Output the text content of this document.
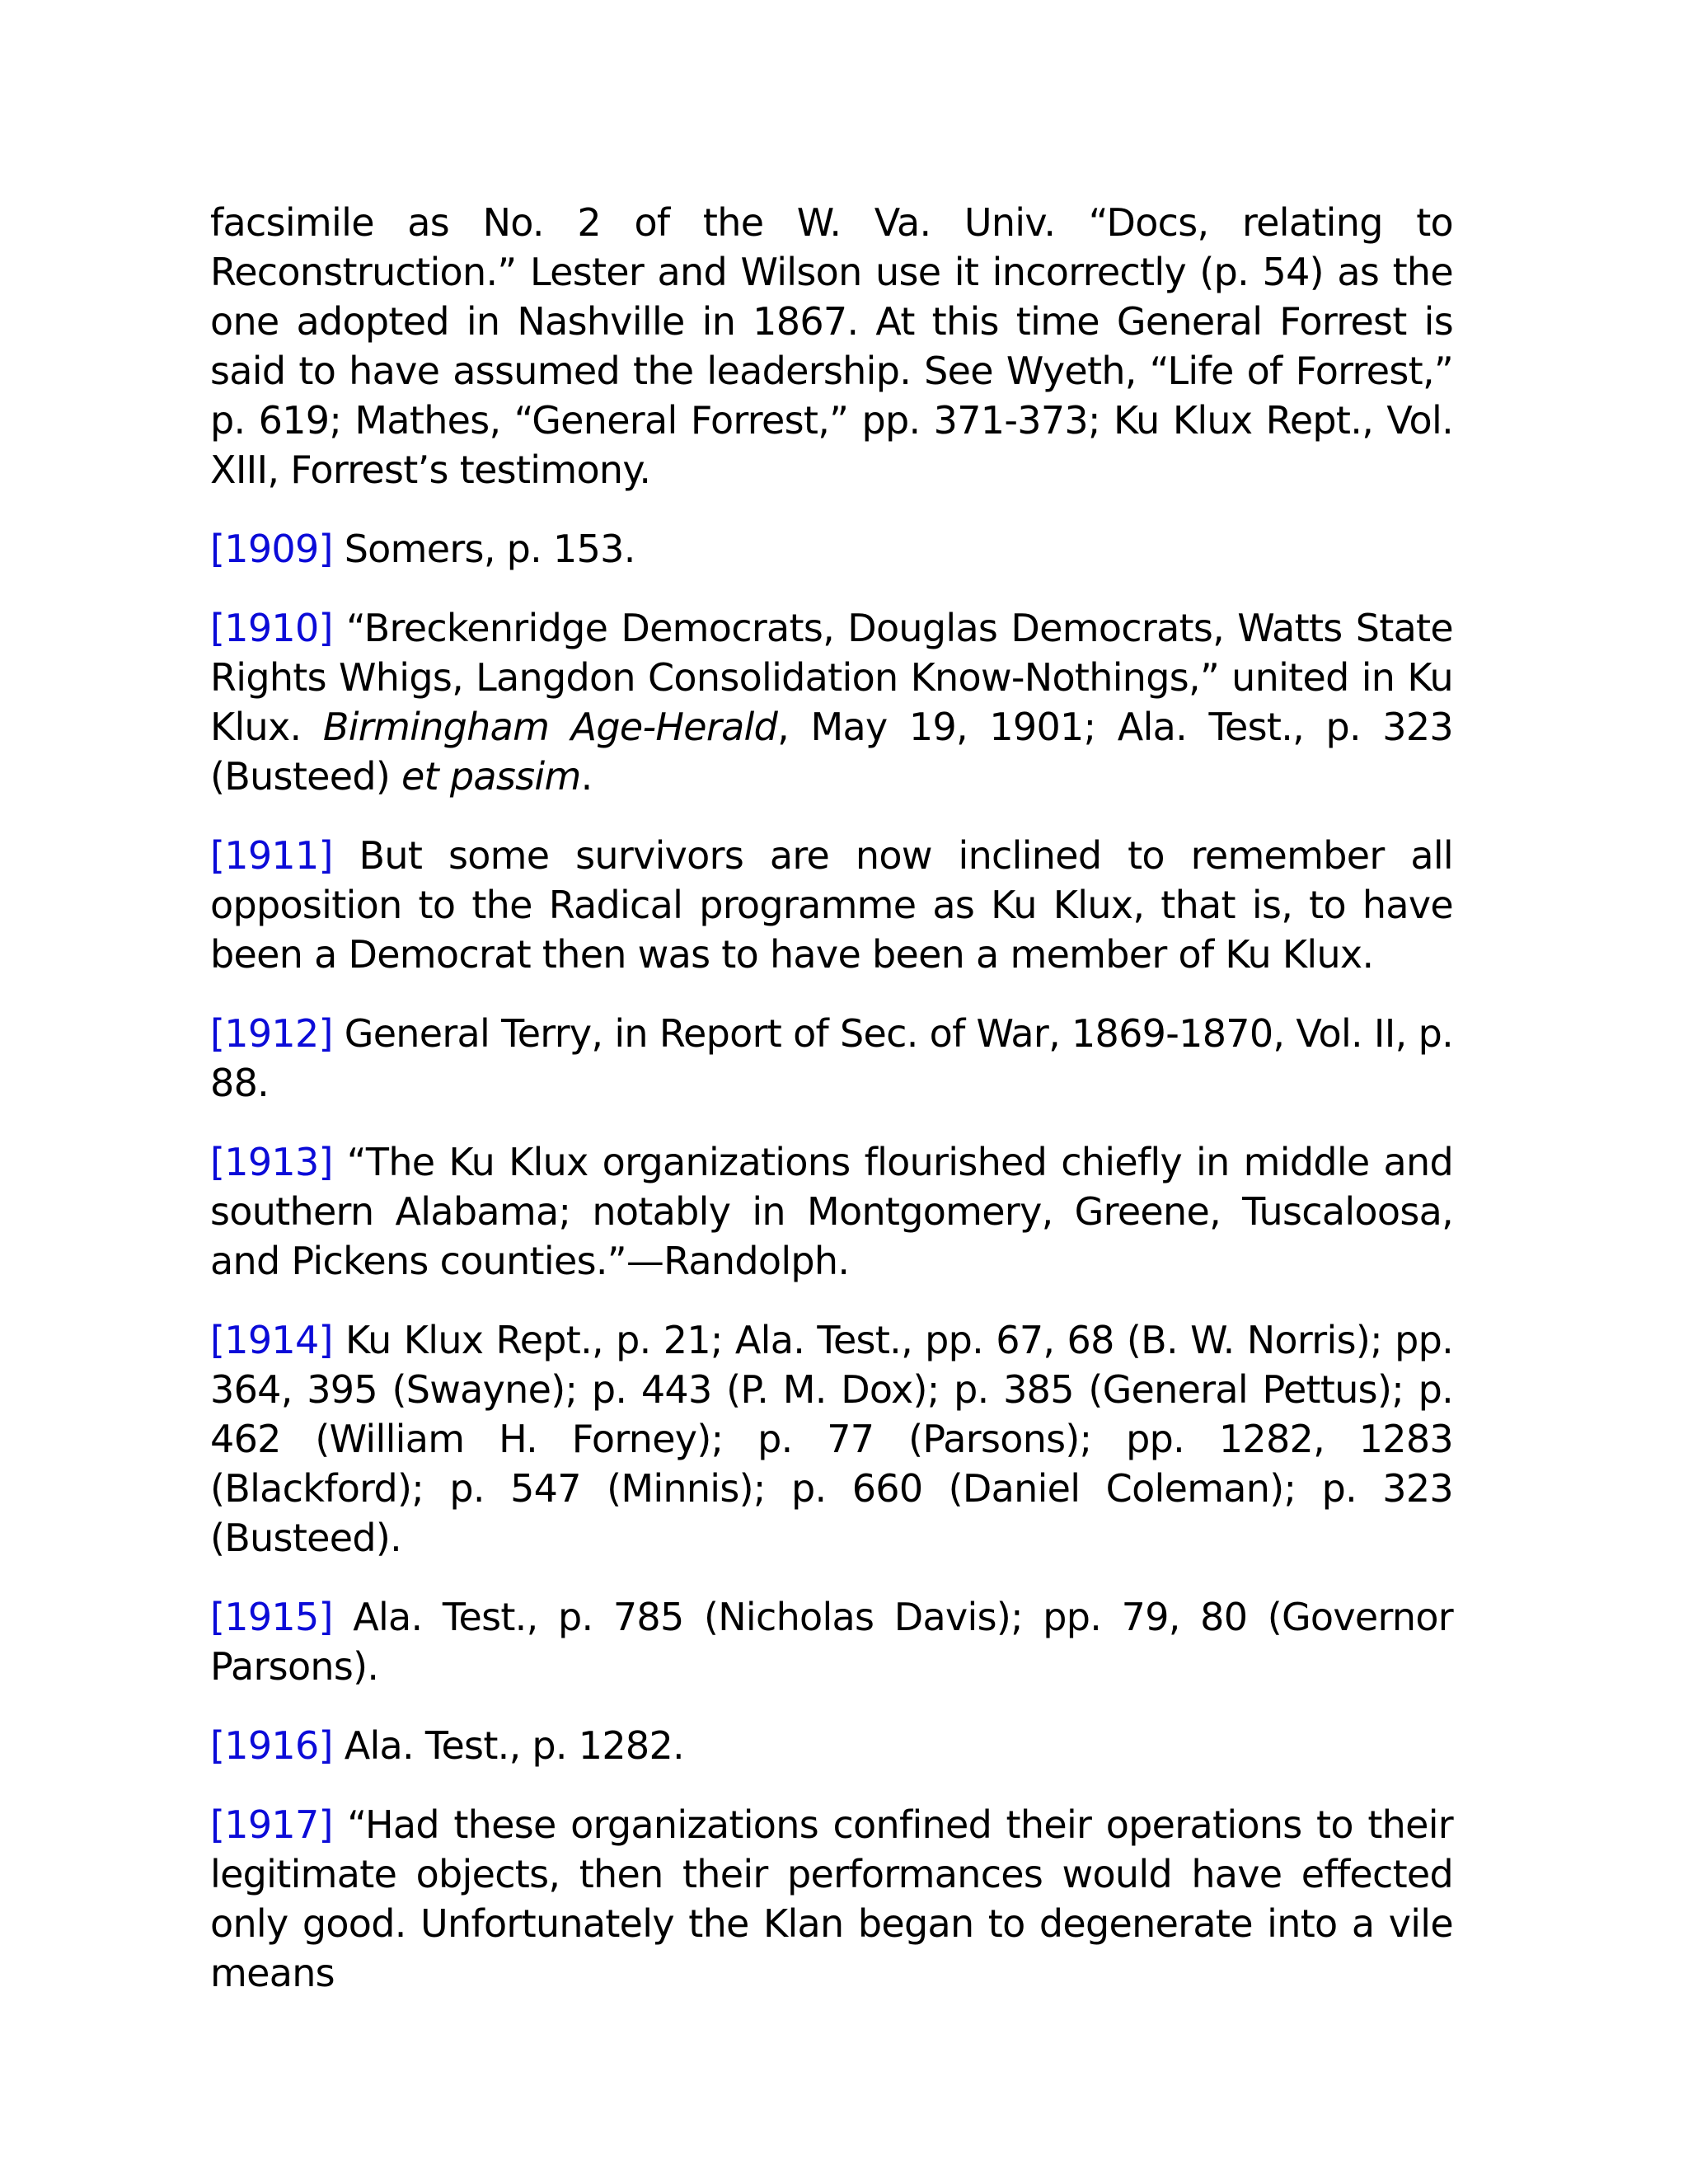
facsimile as No. 2 of the W. Va. Univ. “Docs, relating to Reconstruction.” Lester and Wilson use it incorrectly (p. 54) as the one adopted in Nashville in 1867. At this time General Forrest is said to have assumed the leadership. See Wyeth, “Life of Forrest,” p. 619; Mathes, “General Forrest,” pp. 371-373; Ku Klux Rept., Vol. XIII, Forrest’s testimony.

[1909] Somers, p. 153.

[1910] “Breckenridge Democrats, Douglas Democrats, Watts State Rights Whigs, Langdon Consolidation Know-Nothings,” united in Ku Klux. Birmingham Age-Herald, May 19, 1901; Ala. Test., p. 323 (Busteed) et passim.

[1911] But some survivors are now inclined to remember all opposition to the Radical programme as Ku Klux, that is, to have been a Democrat then was to have been a member of Ku Klux.

[1912] General Terry, in Report of Sec. of War, 1869-1870, Vol. II, p. 88.

[1913] “The Ku Klux organizations flourished chiefly in middle and southern Alabama; notably in Montgomery, Greene, Tuscaloosa, and Pickens counties.”—Randolph.

[1914] Ku Klux Rept., p. 21; Ala. Test., pp. 67, 68 (B. W. Norris); pp. 364, 395 (Swayne); p. 443 (P. M. Dox); p. 385 (General Pettus); p. 462 (William H. Forney); p. 77 (Parsons); pp. 1282, 1283 (Blackford); p. 547 (Minnis); p. 660 (Daniel Coleman); p. 323 (Busteed).

[1915] Ala. Test., p. 785 (Nicholas Davis); pp. 79, 80 (Governor Parsons).

[1916] Ala. Test., p. 1282.

[1917] “Had these organizations confined their operations to their legitimate objects, then their performances would have effected only good. Unfortunately the Klan began to degenerate into a vile means
